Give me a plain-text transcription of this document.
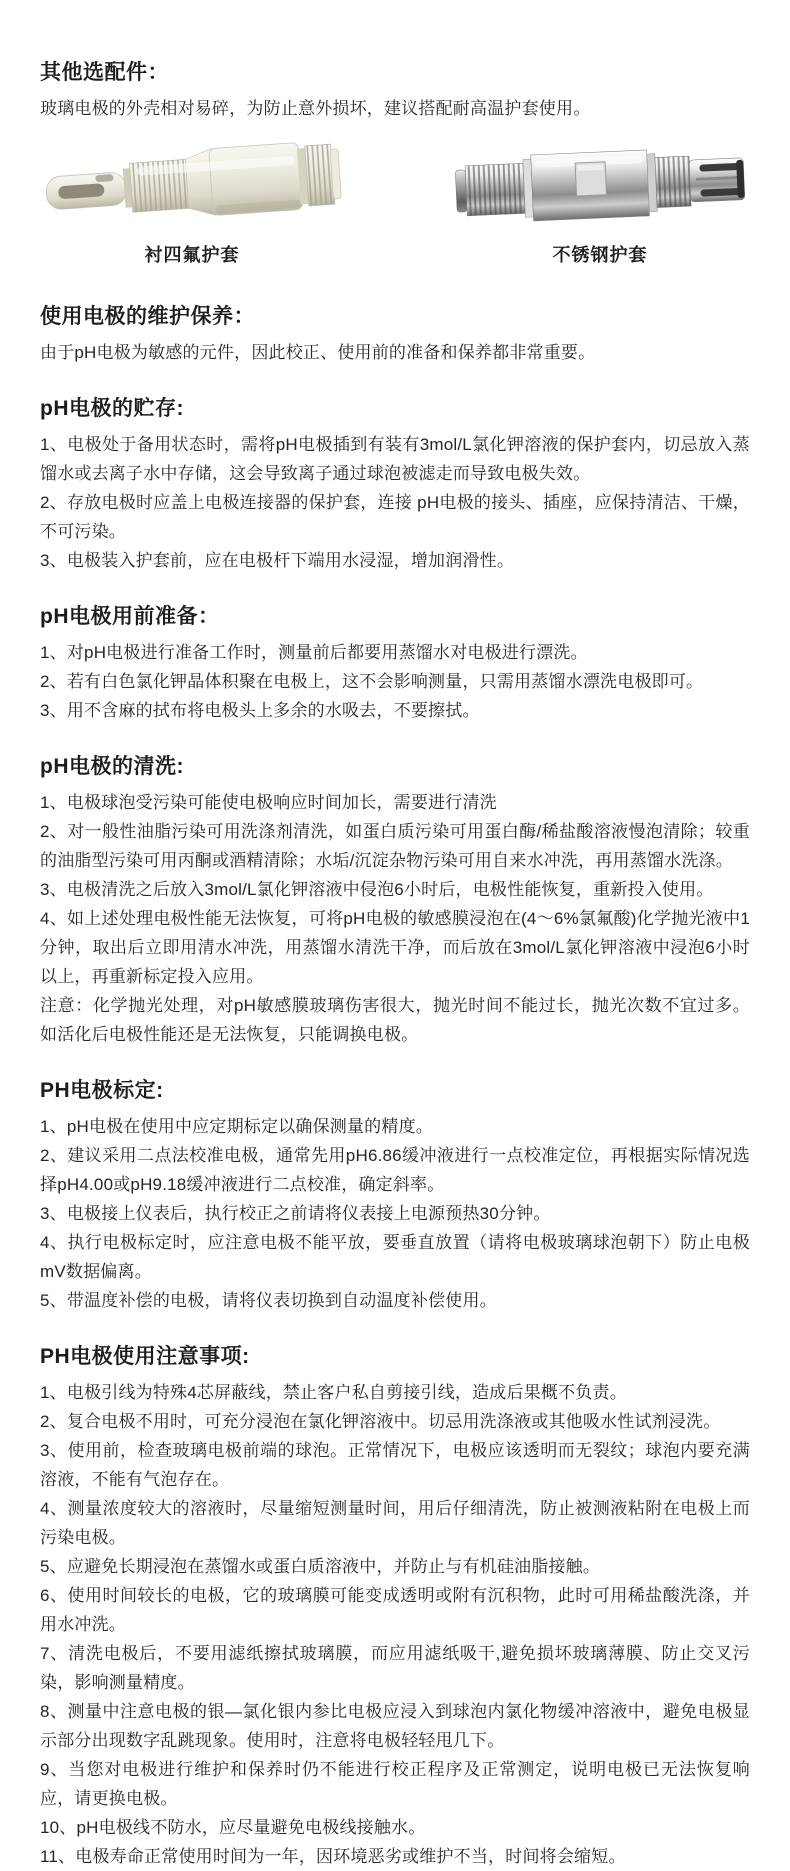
其他选配件：

玻璃电极的外壳相对易碎，为防止意外损坏，建议搭配耐高温护套使用。

衬四氟护套	不锈钢护套
使用电极的维护保养：

由于pH电极为敏感的元件，因此校正、使用前的准备和保养都非常重要。

pH电极的贮存:

1、电极处于备用状态时，需将pH电极插到有装有3mol/L氯化钾溶液的保护套内，切忌放入蒸馏水或去离子水中存储，这会导致离子通过球泡被滤走而导致电极失效。

2、存放电极时应盖上电极连接器的保护套，连接 pH电极的接头、插座，应保持清洁、干燥，不可污染。

3、电极装入护套前，应在电极杆下端用水浸湿，增加润滑性。

pH电极用前准备：

1、对pH电极进行准备工作时，测量前后都要用蒸馏水对电极进行漂洗。

2、若有白色氯化钾晶体积聚在电极上，这不会影响测量，只需用蒸馏水漂洗电极即可。

3、用不含麻的拭布将电极头上多余的水吸去，不要擦拭。

pH电极的清洗:

1、电极球泡受污染可能使电极响应时间加长，需要进行清洗

2、对一般性油脂污染可用洗涤剂清洗，如蛋白质污染可用蛋白酶/稀盐酸溶液慢泡清除；较重的油脂型污染可用丙酮或酒精清除；水垢/沉淀杂物污染可用自来水冲洗，再用蒸馏水洗涤。

3、电极清洗之后放入3mol/L氯化钾溶液中侵泡6小时后，电极性能恢复，重新投入使用。

4、如上述处理电极性能无法恢复，可将pH电极的敏感膜浸泡在(4～6%氯氟酸)化学抛光液中1分钟，取出后立即用清水冲洗，用蒸馏水清洗干净，而后放在3mol/L氯化钾溶液中浸泡6小时以上，再重新标定投入应用。

注意：化学抛光处理，对pH敏感膜玻璃伤害很大，抛光时间不能过长，抛光次数不宜过多。如活化后电极性能还是无法恢复，只能调换电极。

PH电极标定:

1、pH电极在使用中应定期标定以确保测量的精度。

2、建议采用二点法校准电极，通常先用pH6.86缓冲液进行一点校准定位，再根据实际情况选择pH4.00或pH9.18缓冲液进行二点校准，确定斜率。

3、电极接上仪表后，执行校正之前请将仪表接上电源预热30分钟。

4、执行电极标定时，应注意电极不能平放，要垂直放置（请将电极玻璃球泡朝下）防止电极mV数据偏离。

5、带温度补偿的电极，请将仪表切换到自动温度补偿使用。

PH电极使用注意事项:

1、电极引线为特殊4芯屏蔽线，禁止客户私自剪接引线，造成后果概不负责。

2、复合电极不用时，可充分浸泡在氯化钾溶液中。切忌用洗涤液或其他吸水性试剂浸洗。

3、使用前，检查玻璃电极前端的球泡。正常情况下，电极应该透明而无裂纹；球泡内要充满溶液，不能有气泡存在。

4、测量浓度较大的溶液时，尽量缩短测量时间，用后仔细清洗，防止被测液粘附在电极上而污染电极。

5、应避免长期浸泡在蒸馏水或蛋白质溶液中，并防止与有机硅油脂接触。

6、使用时间较长的电极，它的玻璃膜可能变成透明或附有沉积物，此时可用稀盐酸洗涤，并用水冲洗。

7、清洗电极后，不要用滤纸擦拭玻璃膜，而应用滤纸吸干,避免损坏玻璃薄膜、防止交叉污染，影响测量精度。

8、测量中注意电极的银—氯化银内参比电极应浸入到球泡内氯化物缓冲溶液中，避免电极显示部分出现数字乱跳现象。使用时，注意将电极轻轻甩几下。

9、当您对电极进行维护和保养时仍不能进行校正程序及正常测定，说明电极已无法恢复响应，请更换电极。

10、pH电极线不防水，应尽量避免电极线接触水。

11、电极寿命正常使用时间为一年，因环境恶劣或维护不当，时间将会缩短。
